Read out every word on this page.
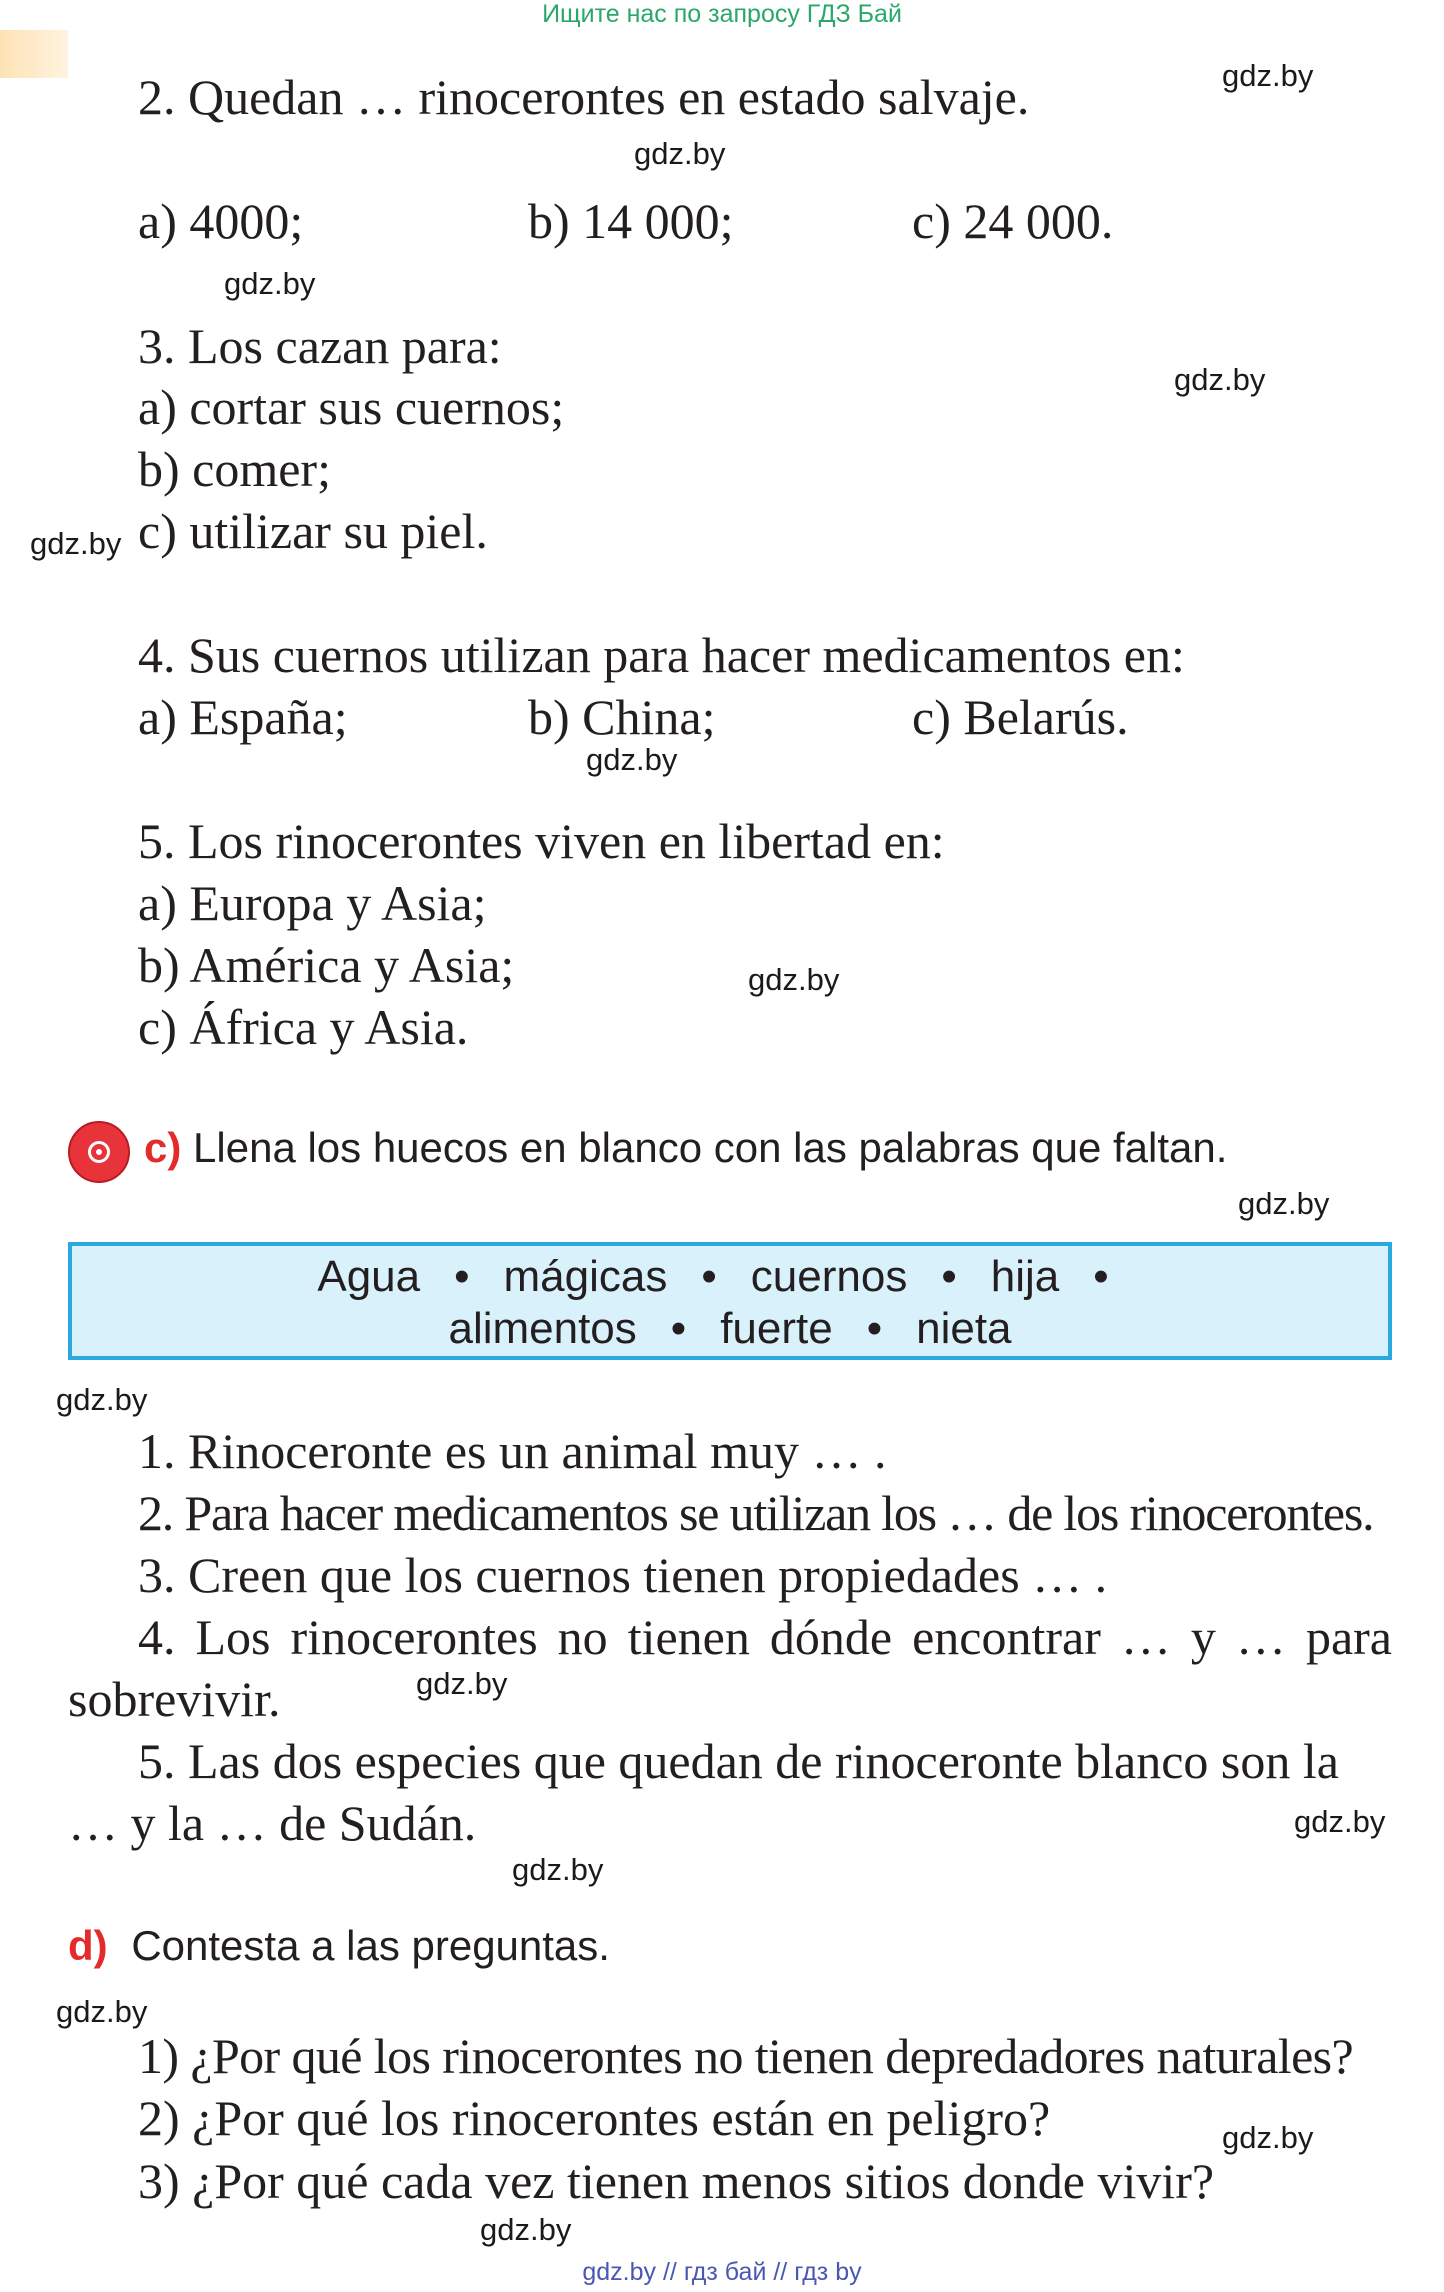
Ищите нас по запросу ГДЗ Бай
2. Quedan … rinocerontes en estado salvaje.
a) 4000;	b) 14 000;	c) 24 000.
3. Los cazan para:
a) cortar sus cuernos;
b) comer;
c) utilizar su piel.
4. Sus cuernos utilizan para hacer medicamentos en:
a) España;	b) China;	c) Belarús.
5. Los rinocerontes viven en libertad en:
a) Europa y Asia;
b) América y Asia;
c) África y Asia.
c) Llena los huecos en blanco con las palabras que faltan.
Agua • mágicas • cuernos • hija •
alimentos • fuerte • nieta
1. Rinoceronte es un animal muy … .
2. Para hacer medicamentos se utilizan los … de los rinocerontes.
3. Creen que los cuernos tienen propiedades … .
4. Los rinocerontes no tienen dónde encontrar … y … para
sobrevivir.
5. Las dos especies que quedan de rinoceronte blanco son la
… y la … de Sudán.
d) Contesta a las preguntas.
1) ¿Por qué los rinocerontes no tienen depredadores naturales?
2) ¿Por qué los rinocerontes están en peligro?
3) ¿Por qué cada vez tienen menos sitios donde vivir?
gdz.by
gdz.by
gdz.by
gdz.by
gdz.by
gdz.by
gdz.by
gdz.by
gdz.by
gdz.by
gdz.by
gdz.by
gdz.by
gdz.by
gdz.by
gdz.by // гдз бай // гдз by
